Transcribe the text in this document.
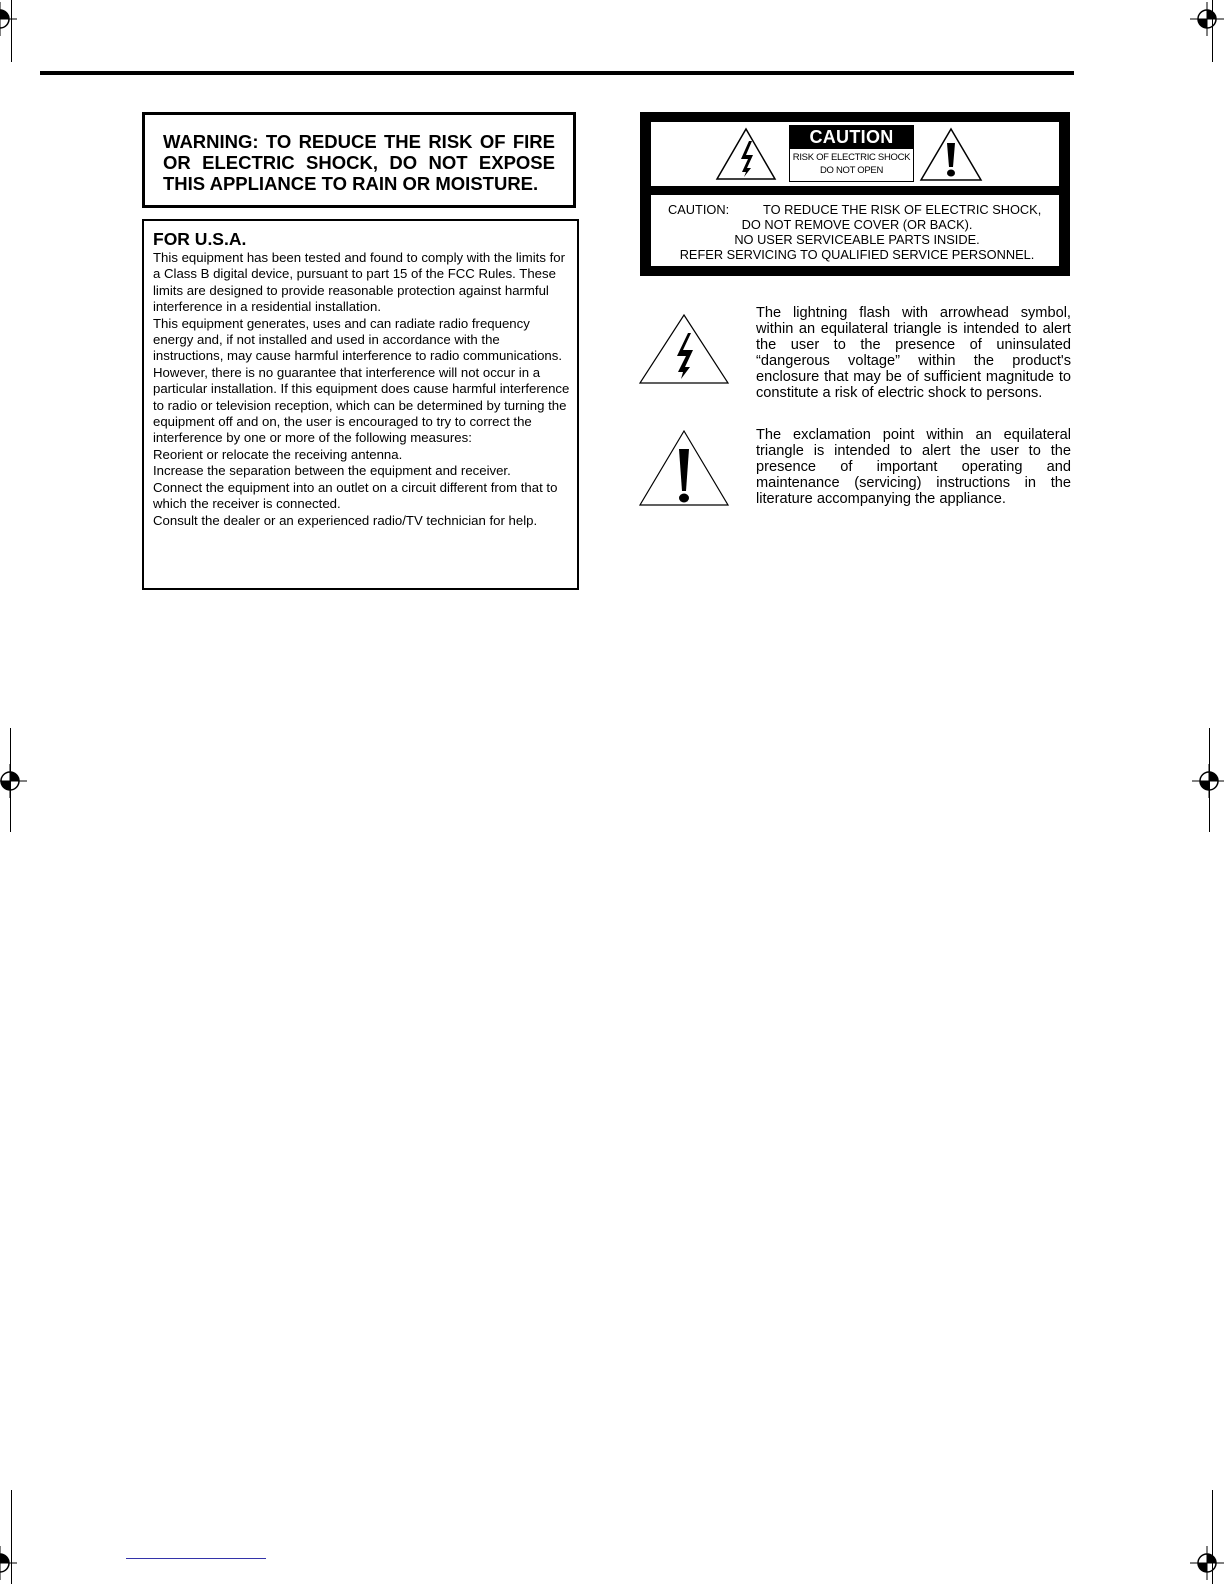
WARNING: TO REDUCE THE RISK OF FIRE OR ELECTRIC SHOCK, DO NOT EXPOSE THIS APPLIANCE TO RAIN OR MOISTURE.
FOR U.S.A.

This equipment has been tested and found to comply with the limits for a Class B digital device, pursuant to part 15 of the FCC Rules. These limits are designed to provide reasonable protection against harmful interference in a residential installation.

This equipment generates, uses and can radiate radio frequency energy and, if not installed and used in accordance with the instructions, may cause harmful interference to radio communications. However, there is no guarantee that interference will not occur in a particular installation. If this equipment does cause harmful interference to radio or television reception, which can be determined by turning the equipment off and on, the user is encouraged to try to correct the interference by one or more of the following measures:

Reorient or relocate the receiving antenna.

Increase the separation between the equipment and receiver.

Connect the equipment into an outlet on a circuit different from that to which the receiver is connected.

Consult the dealer or an experienced radio/TV technician for help.

CAUTION
RISK OF ELECTRIC SHOCK
DO NOT OPEN
CAUTION:	TO REDUCE THE RISK OF ELECTRIC SHOCK,
DO NOT REMOVE COVER (OR BACK).
NO USER SERVICEABLE PARTS INSIDE.
REFER SERVICING TO QUALIFIED SERVICE PERSONNEL.
The lightning flash with arrowhead symbol, within an equilateral triangle is intended to alert the user to the presence of uninsulated “dangerous voltage” within the product's enclosure that may be of sufficient magnitude to constitute a risk of electric shock to persons.
The exclamation point within an equilateral triangle is intended to alert the user to the presence of important operating and maintenance (servicing) instructions in the literature accompanying the appliance.
